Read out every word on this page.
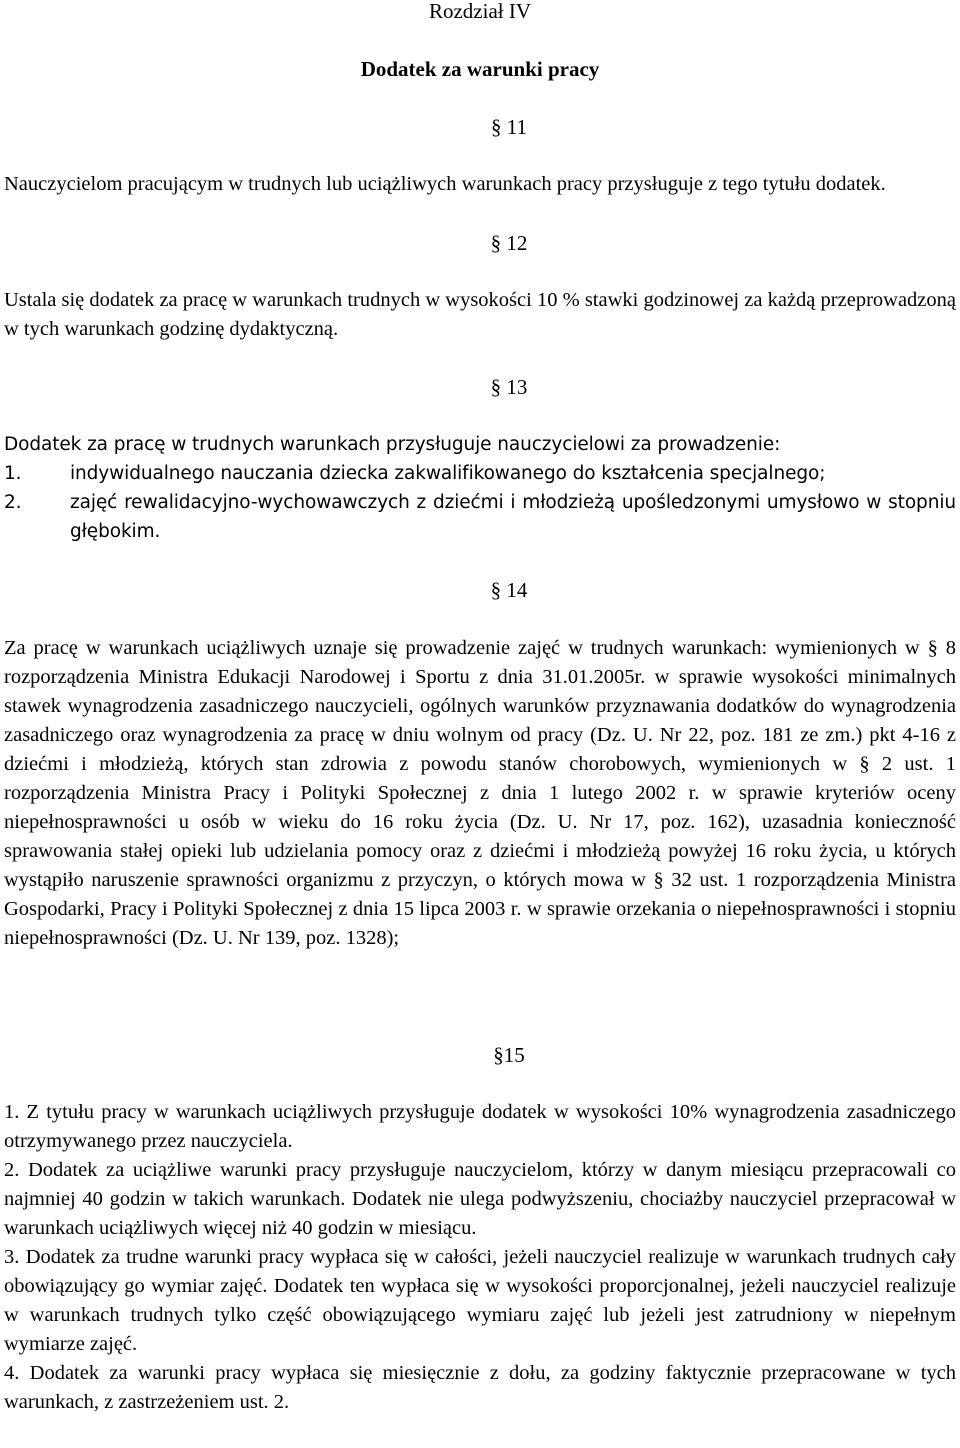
Rozdział IV
Dodatek za warunki pracy
§ 11

Nauczycielom pracującym w trudnych lub uciążliwych warunkach pracy przysługuje z tego tytułu dodatek.

§ 12

Ustala się dodatek za pracę w warunkach trudnych w wysokości 10 % stawki godzinowej za każdą przeprowadzoną w tych warunkach godzinę dydaktyczną.

§ 13

Dodatek za pracę w trudnych warunkach przysługuje nauczycielowi za prowadzenie:

1.	indywidualnego nauczania dziecka zakwalifikowanego do kształcenia specjalnego;
2.	zajęć rewalidacyjno-wychowawczych z dziećmi i młodzieżą upośledzonymi umysłowo w stopniu głębokim.
§ 14

Za pracę w warunkach uciążliwych uznaje się prowadzenie zajęć w trudnych warunkach: wymienionych w § 8 rozporządzenia Ministra Edukacji Narodowej i Sportu z dnia 31.01.2005r. w sprawie wysokości minimalnych stawek wynagrodzenia zasadniczego nauczycieli, ogólnych warunków przyznawania dodatków do wynagrodzenia zasadniczego oraz wynagrodzenia za pracę w dniu wolnym od pracy (Dz. U. Nr 22, poz. 181 ze zm.) pkt 4-16 z dziećmi i młodzieżą, których stan zdrowia z powodu stanów chorobowych, wymienionych w § 2 ust. 1 rozporządzenia Ministra Pracy i Polityki Społecznej z dnia 1 lutego 2002 r. w sprawie kryteriów oceny niepełnosprawności u osób w wieku do 16 roku życia (Dz. U. Nr 17, poz. 162), uzasadnia konieczność sprawowania stałej opieki lub udzielania pomocy oraz z dziećmi i młodzieżą powyżej 16 roku życia, u których wystąpiło naruszenie sprawności organizmu z przyczyn, o których mowa w § 32 ust. 1 rozporządzenia Ministra Gospodarki, Pracy i Polityki Społecznej z dnia 15 lipca 2003 r. w sprawie orzekania o niepełnosprawności i stopniu niepełnosprawności (Dz. U. Nr 139, poz. 1328);

§15

1. Z tytułu pracy w warunkach uciążliwych przysługuje dodatek w wysokości 10% wynagrodzenia zasadniczego otrzymywanego przez nauczyciela.

2. Dodatek za uciążliwe warunki pracy przysługuje nauczycielom, którzy w danym miesiącu przepracowali co najmniej 40 godzin w takich warunkach. Dodatek nie ulega podwyższeniu, chociażby nauczyciel przepracował w warunkach uciążliwych więcej niż 40 godzin w miesiącu.

3. Dodatek za trudne warunki pracy wypłaca się w całości, jeżeli nauczyciel realizuje w warunkach trudnych cały obowiązujący go wymiar zajęć. Dodatek ten wypłaca się w wysokości proporcjonalnej, jeżeli nauczyciel realizuje w warunkach trudnych tylko część obowiązującego wymiaru zajęć lub jeżeli jest zatrudniony w niepełnym wymiarze zajęć.

4. Dodatek za warunki pracy wypłaca się miesięcznie z dołu, za godziny faktycznie przepracowane w tych warunkach, z zastrzeżeniem ust. 2.
